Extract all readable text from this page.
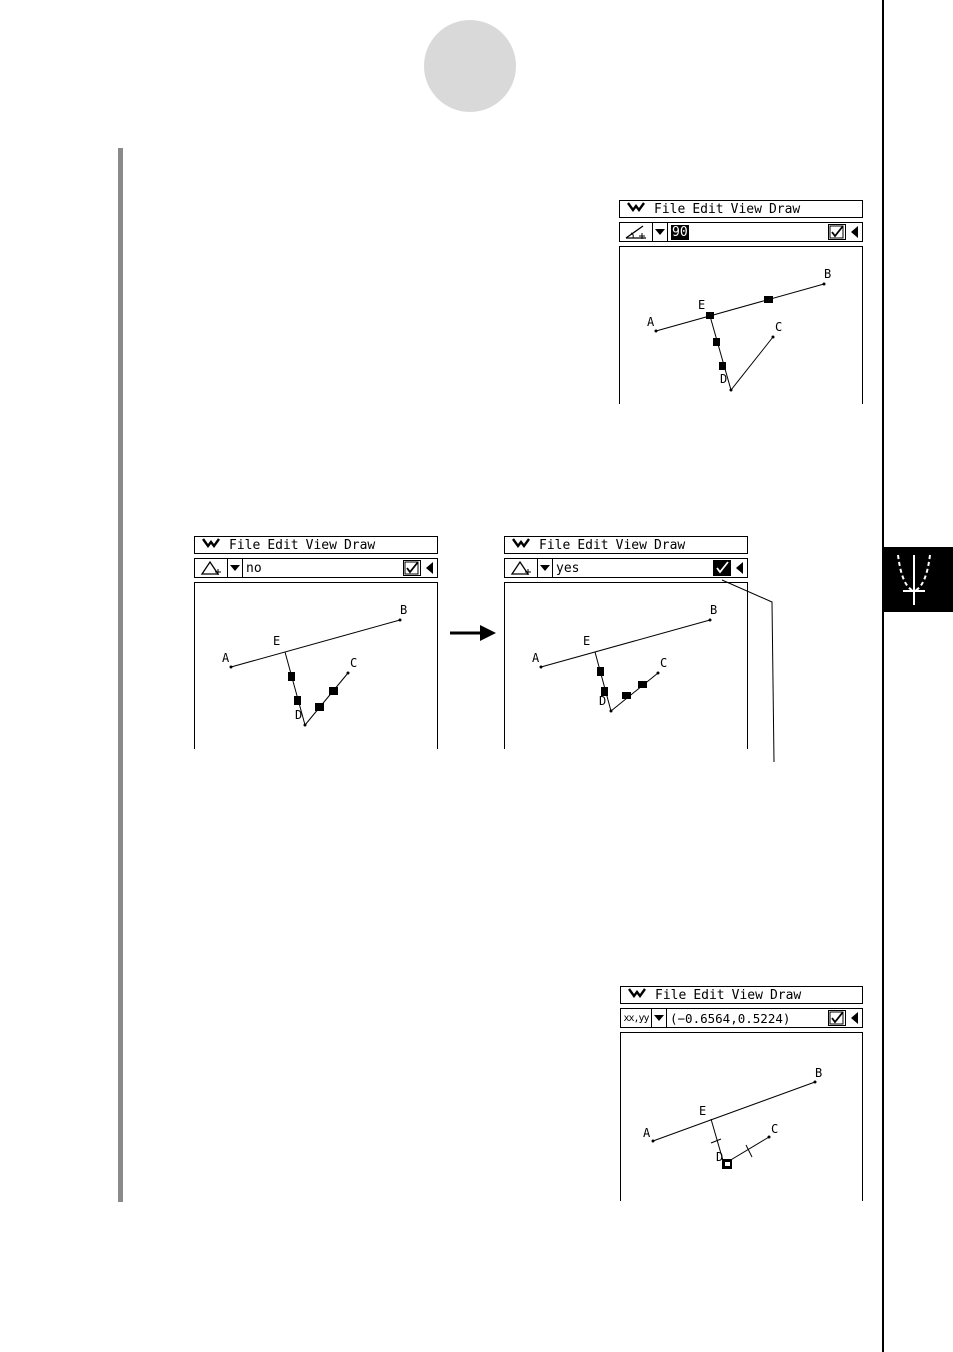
File Edit View Draw
90
A
B
C
D
E
File Edit View Draw
no
A
B
C
D
E
File Edit View Draw
yes
A
B
C
D
E
File Edit View Draw
xx,yy (−0.6564,0.5224)
A
B
C
D
E
